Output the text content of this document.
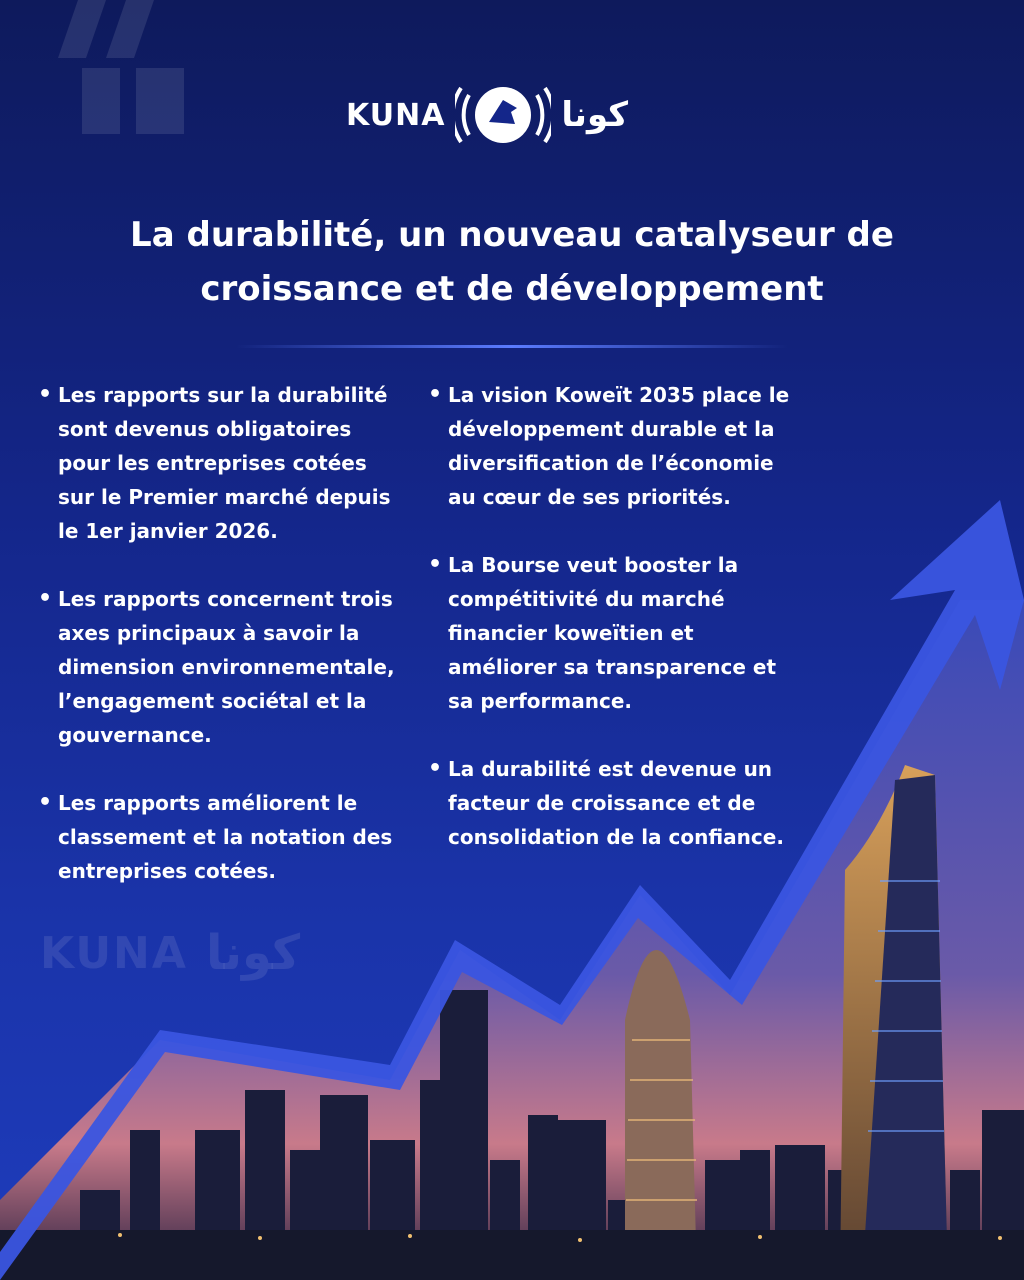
KUNA	كونا
La durabilité, un nouveau catalyseur de croissance et de développement
• Les rapports sur la durabilité sont devenus obligatoires pour les entreprises cotées sur le Premier marché depuis le 1er janvier 2026.
• Les rapports concernent trois axes principaux à savoir la dimension environnementale, l’engagement sociétal et la gouvernance.
• Les rapports améliorent le classement et la notation des entreprises cotées.
• La vision Koweït 2035 place le développement durable et la diversification de l’économie au cœur de ses priorités.
• La Bourse veut booster la compétitivité du marché financier koweïtien et améliorer sa transparence et sa performance.
• La durabilité est devenue un facteur de croissance et de consolidation de la confiance.
KUNA كونا
